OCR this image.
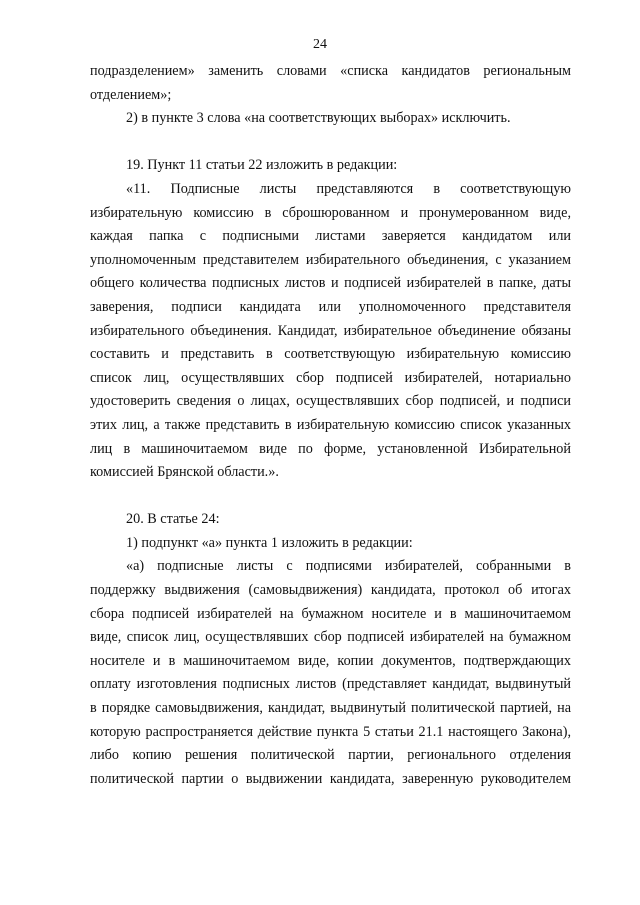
24

подразделением» заменить словами «списка кандидатов региональным
отделением»;

2) в пункте 3 слова «на соответствующих выборах» исключить.

19. Пункт 11 статьи 22 изложить в редакции:

«11. Подписные листы представляются в соответствующую
избирательную комиссию в сброшюрованном и пронумерованном виде,
каждая папка с подписными листами заверяется кандидатом или
уполномоченным представителем избирательного объединения, с указанием
общего количества подписных листов и подписей избирателей в папке, даты
заверения, подписи кандидата или уполномоченного представителя
избирательного объединения. Кандидат, избирательное объединение обязаны
составить и представить в соответствующую избирательную комиссию
список лиц, осуществлявших сбор подписей избирателей, нотариально
удостоверить сведения о лицах, осуществлявших сбор подписей, и подписи
этих лиц, а также представить в избирательную комиссию список указанных
лиц в машиночитаемом виде по форме, установленной Избирательной
комиссией Брянской области.».

20. В статье 24:

1) подпункт «а» пункта 1 изложить в редакции:

«а) подписные листы с подписями избирателей, собранными в
поддержку выдвижения (самовыдвижения) кандидата, протокол об итогах
сбора подписей избирателей на бумажном носителе и в машиночитаемом
виде, список лиц, осуществлявших сбор подписей избирателей на бумажном
носителе и в машиночитаемом виде, копии документов, подтверждающих
оплату изготовления подписных листов (представляет кандидат, выдвинутый
в порядке самовыдвижения, кандидат, выдвинутый политической партией, на
которую распространяется действие пункта 5 статьи 21.1 настоящего Закона),
либо копию решения политической партии, регионального отделения
политической партии о выдвижении кандидата, заверенную руководителем
